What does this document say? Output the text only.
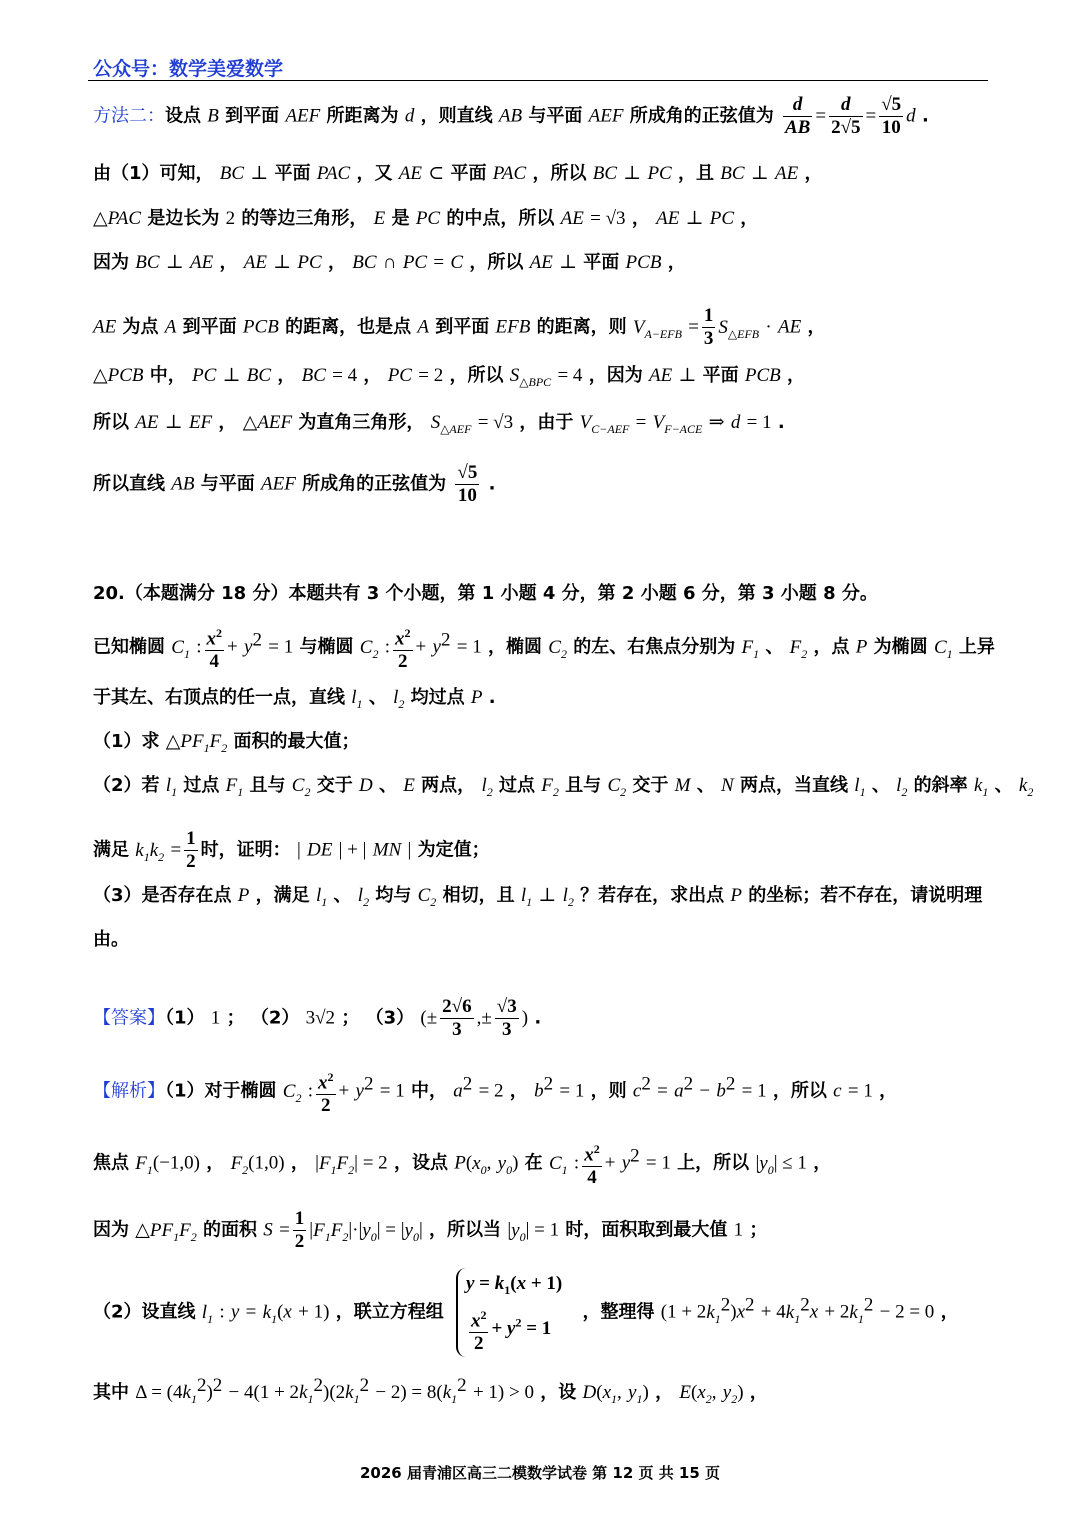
公众号：数学美爱数学
方法二：设点 B 到平面 AEF 所距离为 d ，则直线 AB 与平面 AEF 所成角的正弦值为 $\frac{d}{AB} = \frac{d}{2√5} = \frac{√5}{10}$ d .
由（1）可知， BC ⊥ 平面 PAC ，又 AE ⊂ 平面 PAC ，所以 BC ⊥ PC ，且 BC ⊥ AE ，
△PAC 是边长为 2 的等边三角形， E 是 PC 的中点，所以 AE = √3 ， AE ⊥ PC ，
因为 BC ⊥ AE ， AE ⊥ PC ， BC ∩ PC = C ，所以 AE ⊥ 平面 PCB ，
AE 为点 A 到平面 PCB 的距离，也是点 A 到平面 EFB 的距离，则 $V_{A-EFB} = \frac{1}{3} S_{\triangle EFB}$ · AE ，
△PCB 中， PC ⊥ BC ， BC = 4 ， PC = 2 ，所以 $S_{\triangle BPC} = 4$ ，因为 AE ⊥ 平面 PCB ，
所以 AE ⊥ EF ， △AEF 为直角三角形， $S_{\triangle AEF} = √3$ ，由于 $V_{C-AEF} = V_{F-ACE}$ ⇒ d = 1 .
所以直线 AB 与平面 AEF 所成角的正弦值为 $\frac{√5}{10}$ .
20.（本题满分 18 分）本题共有 3 个小题，第 1 小题 4 分，第 2 小题 6 分，第 3 小题 8 分。
已知椭圆 $C_1$ : $\frac{x^2}{4} + y^2 = 1$ 与椭圆 $C_2$ : $\frac{x^2}{2} + y^2 = 1$ ，椭圆 $C_2$ 的左、右焦点分别为 $F_1$ 、 $F_2$ ，点 P 为椭圆 $C_1$ 上异
于其左、右顶点的任一点，直线 $l_1$ 、 $l_2$ 均过点 P .
（1）求 $\triangle PF_1F_2$ 面积的最大值；
（2）若 $l_1$ 过点 $F_1$ 且与 $C_2$ 交于 D 、 E 两点， $l_2$ 过点 $F_2$ 且与 $C_2$ 交于 M 、 N 两点，当直线 $l_1$ 、 $l_2$ 的斜率 $k_1$ 、 $k_2$
满足 $k_1k_2 = \frac{1}{2}$ 时，证明： | DE | + | MN | 为定值；
（3）是否存在点 P ，满足 $l_1$ 、 $l_2$ 均与 $C_2$ 相切，且 $l_1$ ⊥ $l_2$ ？若存在，求出点 P 的坐标；若不存在，请说明理
由。
【答案】（1） 1 ； （2） 3√2 ； （3） (± $\frac{2√6}{3}$ ,± $\frac{√3}{3}$ ) .
【解析】（1）对于椭圆 $C_2$ : $\frac{x^2}{2} + y^2 = 1$ 中， $a^2 = 2$ ， $b^2 = 1$ ，则 $c^2 = a^2 - b^2 = 1$ ，所以 c = 1 ，
焦点 $F_1(-1,0)$ ， $F_2(1,0)$ ， $|F_1F_2| = 2$ ，设点 $P(x_0$, $y_0$) 在 $C_1$ : $\frac{x^2}{4} + y^2 = 1$ 上，所以 $|y_0| \le 1$ ，
因为 $\triangle PF_1F_2$ 的面积 $S = \frac{1}{2} |F_1F_2|\cdot|y_0| = |y_0|$ ，所以当 $|y_0| = 1$ 时，面积取到最大值 1 ；
（2）设直线 $l_1$ : $y = k_1(x + 1)$ ，联立方程组
$y = k_1(x + 1)$
$\frac{x^2}{2} + y^2 = 1$
，整理得 $(1 + 2k_1^2)x^2 + 4k_1^2x + 2k_1^2 - 2 = 0$ ，
其中 $\Delta = (4k_1^2)^2 - 4(1 + 2k_1^2)(2k_1^2 - 2) = 8(k_1^2 + 1) > 0$ ，设 $D(x_1$, $y_1$) ， $E(x_2$, $y_2$) ，
2026 届青浦区高三二模数学试卷 第 12 页 共 15 页
